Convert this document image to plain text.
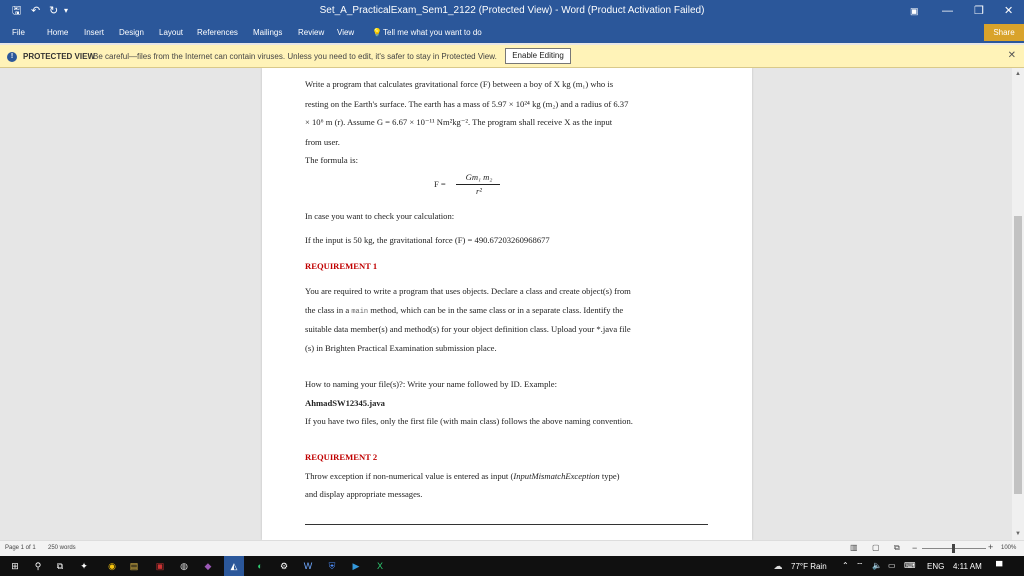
🖫 ↶ ↻ ▾	Set_A_PracticalExam_Sem1_2122 (Protected View) - Word (Product Activation Failed)	▣ — ❐ ✕
File	Home Insert Design Layout References Mailings Review View 💡 Tell me what you want to do	Share
!	PROTECTED VIEW
Be careful—files from the Internet can contain viruses. Unless you need to edit, it's safer to stay in Protected View.	Enable Editing	✕
Write a program that calculates gravitational force (F) between a boy of X kg (m₁) who is
resting on the Earth's surface. The earth has a mass of 5.97 × 10²⁴ kg (m₂) and a radius of 6.37
× 10⁶ m (r). Assume G = 6.67 × 10⁻¹¹ Nm²kg⁻². The program shall receive X as the input
from user.
The formula is:
F =
Gm₁ m₂
r²
In case you want to check your calculation:
If the input is 50 kg, the gravitational force (F) = 490.67203260968677
REQUIREMENT 1
You are required to write a program that uses objects. Declare a class and create object(s) from
the class in a main method, which can be in the same class or in a separate class. Identify the
suitable data member(s) and method(s) for your object definition class. Upload your *.java file
(s) in Brighten Practical Examination submission place.
How to naming your file(s)?: Write your name followed by ID. Example:
AhmadSW12345.java
If you have two files, only the first file (with main class) follows the above naming convention.
REQUIREMENT 2
Throw exception if non-numerical value is entered as input (InputMismatchException type)
and display appropriate messages.
▲
▼
Page 1 of 1 250 words	▥ ▢ ⧉ −	+ 100%
⊞	⚲	⧉	✦ ◉ ▤ ▣ ◍ ◆ ◭	◐	⚙ W ⛨ ▶	X	☁ 77°F Rain ⌃ ⌔ 🔈 ▭ ⌨ ENG 4:11 AM ▀
